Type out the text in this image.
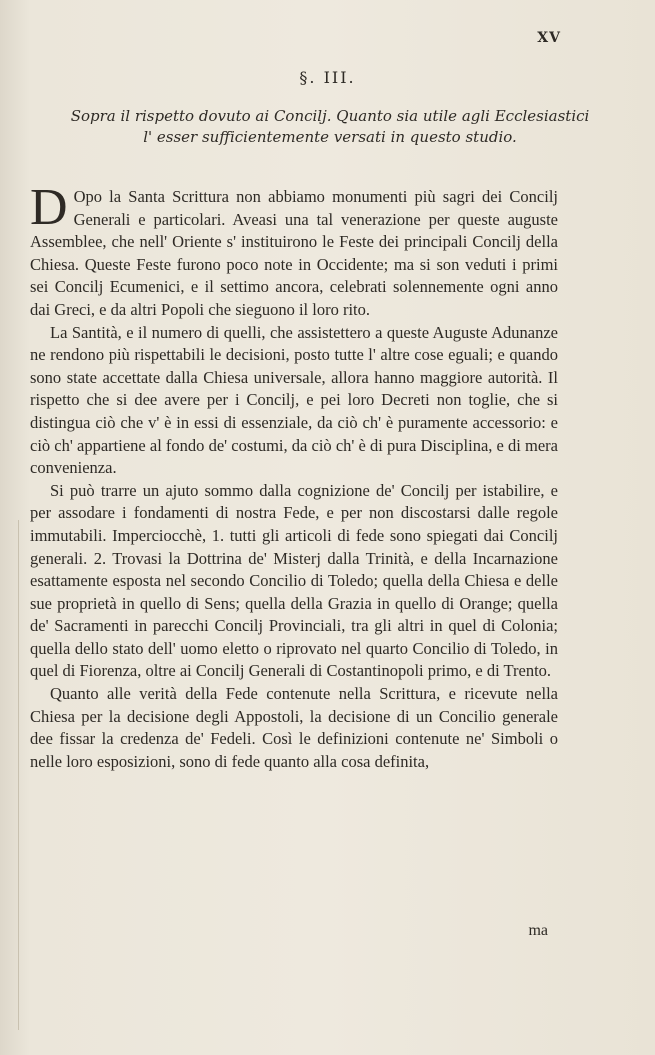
XV
§. III.
Sopra il rispetto dovuto ai Concilj. Quanto sia utile agli Ecclesiastici l' esser sufficientemente versati in questo studio.

D Opo la Santa Scrittura non abbiamo monumenti più sagri dei Concilj Generali e particolari. Aveasi una tal venerazione per queste auguste Assemblee, che nell' Oriente s' instituirono le Feste dei principali Concilj della Chiesa. Queste Feste furono poco note in Occidente; ma si son veduti i primi sei Concilj Ecumenici, e il settimo ancora, celebrati solennemente ogni anno dai Greci, e da altri Popoli che sieguono il loro rito.

La Santità, e il numero di quelli, che assistettero a queste Auguste Adunanze ne rendono più rispettabili le decisioni, posto tutte l' altre cose eguali; e quando sono state accettate dalla Chiesa universale, allora hanno maggiore autorità. Il rispetto che si dee avere per i Concilj, e pei loro Decreti non toglie, che si distingua ciò che v' è in essi di essenziale, da ciò ch' è puramente accessorio: e ciò ch' appartiene al fondo de' costumi, da ciò ch' è di pura Disciplina, e di mera convenienza.

Si può trarre un ajuto sommo dalla cognizione de' Concilj per istabilire, e per assodare i fondamenti di nostra Fede, e per non discostarsi dalle regole immutabili. Imperciocchè, 1. tutti gli articoli di fede sono spiegati dai Concilj generali. 2. Trovasi la Dottrina de' Misterj dalla Trinità, e della Incarnazione esattamente esposta nel secondo Concilio di Toledo; quella della Chiesa e delle sue proprietà in quello di Sens; quella della Grazia in quello di Orange; quella de' Sacramenti in parecchi Concilj Provinciali, tra gli altri in quel di Colonia; quella dello stato dell' uomo eletto o riprovato nel quarto Concilio di Toledo, in quel di Fiorenza, oltre ai Concilj Generali di Costantinopoli primo, e di Trento.

Quanto alle verità della Fede contenute nella Scrittura, e ricevute nella Chiesa per la decisione degli Appostoli, la decisione di un Concilio generale dee fissar la credenza de' Fedeli. Così le definizioni contenute ne' Simboli o nelle loro esposizioni, sono di fede quanto alla cosa definita,

ma
